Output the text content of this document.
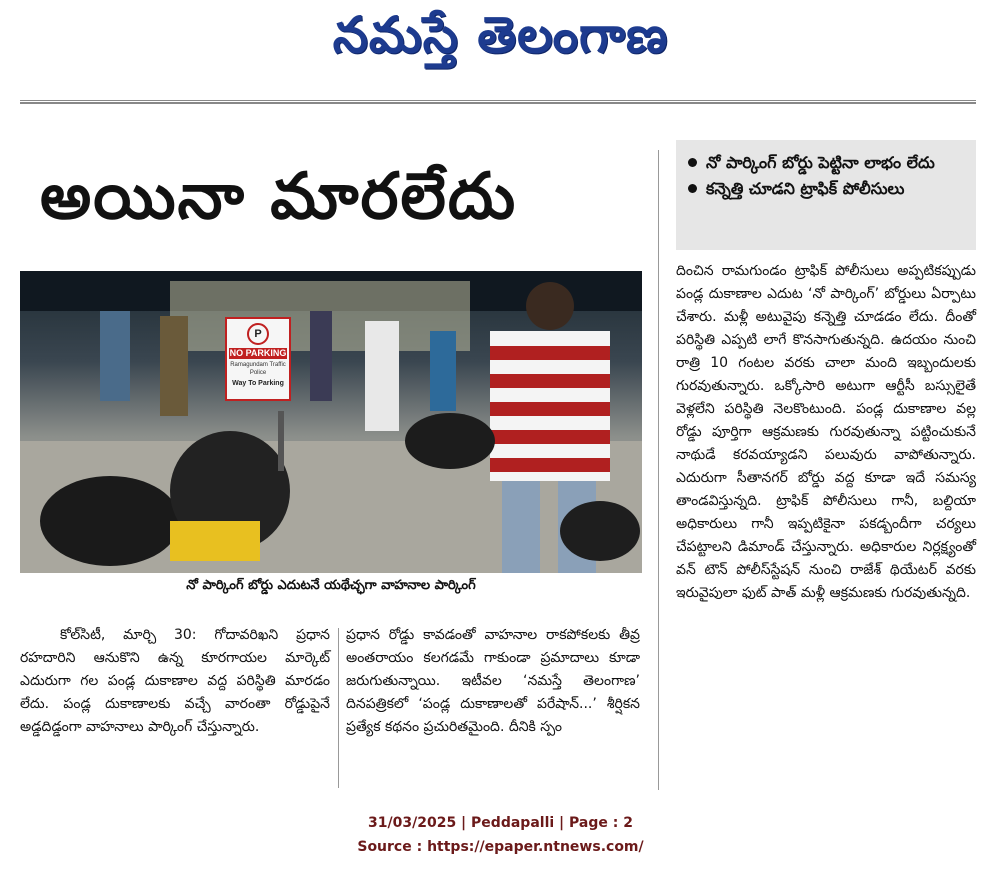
నమస్తే తెలంగాణ
అయినా మారలేదు	నో పార్కింగ్ బోర్డు పెట్టినా లాభం లేదు
కన్నెత్తి చూడని ట్రాఫిక్ పోలీసులు
P
NO PARKING
Ramagundam Traffic Police
Way To Parking
నో పార్కింగ్ బోర్డు ఎదుటనే యథేచ్ఛగా వాహనాల పార్కింగ్
కోల్‌సిటీ, మార్చి 30: గోదావరిఖని ప్రధాన రహదారిని ఆనుకొని ఉన్న కూరగాయల మార్కెట్ ఎదురుగా గల పండ్ల దుకాణాల వద్ద పరిస్థితి మారడం లేదు. పండ్ల దుకాణాలకు వచ్చే వారంతా రోడ్డుపైనే అడ్డదిడ్డంగా వాహనాలు పార్కింగ్ చేస్తున్నారు.
ప్రధాన రోడ్డు కావడంతో వాహనాల రాకపోకలకు తీవ్ర అంతరాయం కలగడమే గాకుండా ప్రమాదాలు కూడా జరుగుతున్నాయి. ఇటీవల ‘నమస్తే తెలంగాణ’ దినపత్రికలో ‘పండ్ల దుకాణాలతో పరేషాన్...’ శీర్షికన ప్రత్యేక కథనం ప్రచురితమైంది. దీనికి స్పం
దించిన రామగుండం ట్రాఫిక్ పోలీసులు అప్పటికప్పుడు పండ్ల దుకాణాల ఎదుట ‘నో పార్కింగ్’ బోర్డులు ఏర్పాటు చేశారు. మళ్లీ అటువైపు కన్నెత్తి చూడడం లేదు. దీంతో పరిస్థితి ఎప్పటి లాగే కొనసాగుతున్నది. ఉదయం నుంచి రాత్రి 10 గంటల వరకు చాలా మంది ఇబ్బందులకు గురవుతున్నారు. ఒక్కోసారి అటుగా ఆర్టీసీ బస్సులైతే వెళ్లలేని పరిస్థితి నెలకొంటుంది. పండ్ల దుకాణాల వల్ల రోడ్డు పూర్తిగా ఆక్రమణకు గురవుతున్నా పట్టించుకునే నాథుడే కరవయ్యాడని పలువురు వాపోతున్నారు. ఎదురుగా సీతానగర్ బోర్డు వద్ద కూడా ఇదే సమస్య తాండవిస్తున్నది. ట్రాఫిక్ పోలీసులు గానీ, బల్దియా అధికారులు గానీ ఇప్పటికైనా పకడ్బందీగా చర్యలు చేపట్టాలని డిమాండ్ చేస్తున్నారు. అధికారుల నిర్లక్ష్యంతో వన్ టౌన్ పోలీస్‌స్టేషన్ నుంచి రాజేశ్ థియేటర్ వరకు ఇరువైపులా ఫుట్ పాత్ మళ్లీ ఆక్రమణకు గురవుతున్నది.
31/03/2025 | Peddapalli | Page : 2
Source : https://epaper.ntnews.com/
